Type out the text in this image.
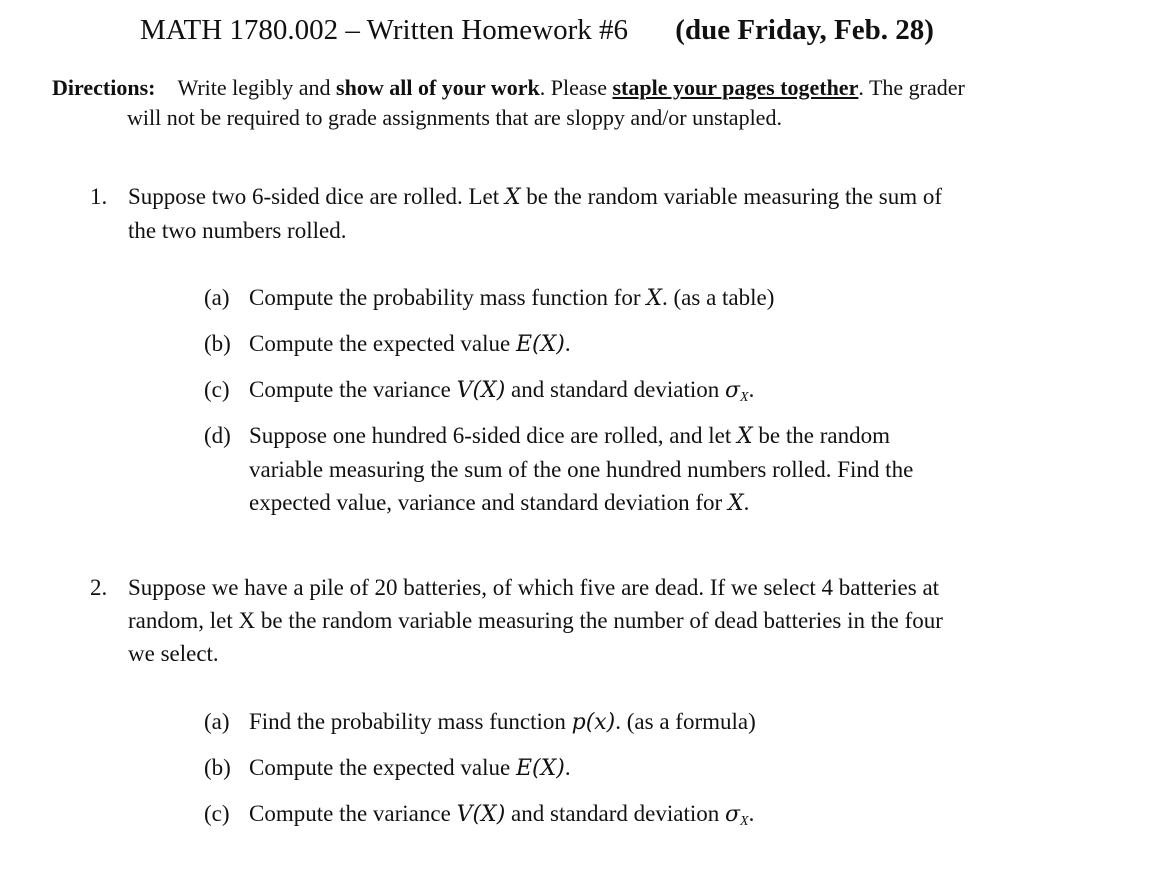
MATH 1780.002 – Written Homework #6 (due Friday, Feb. 28)
Directions: Write legibly and show all of your work. Please staple your pages together. The grader
will not be required to grade assignments that are sloppy and/or unstapled.
1. Suppose two 6-sided dice are rolled. Let X be the random variable measuring the sum of
the two numbers rolled.
(a) Compute the probability mass function for X. (as a table)
(b) Compute the expected value E(X).
(c) Compute the variance V(X) and standard deviation $\sigma_X$.
(d) Suppose one hundred 6-sided dice are rolled, and let X be the random
variable measuring the sum of the one hundred numbers rolled. Find the
expected value, variance and standard deviation for X.
2. Suppose we have a pile of 20 batteries, of which five are dead. If we select 4 batteries at
random, let X be the random variable measuring the number of dead batteries in the four
we select.
(a) Find the probability mass function p(x). (as a formula)
(b) Compute the expected value E(X).
(c) Compute the variance V(X) and standard deviation $\sigma_X$.
